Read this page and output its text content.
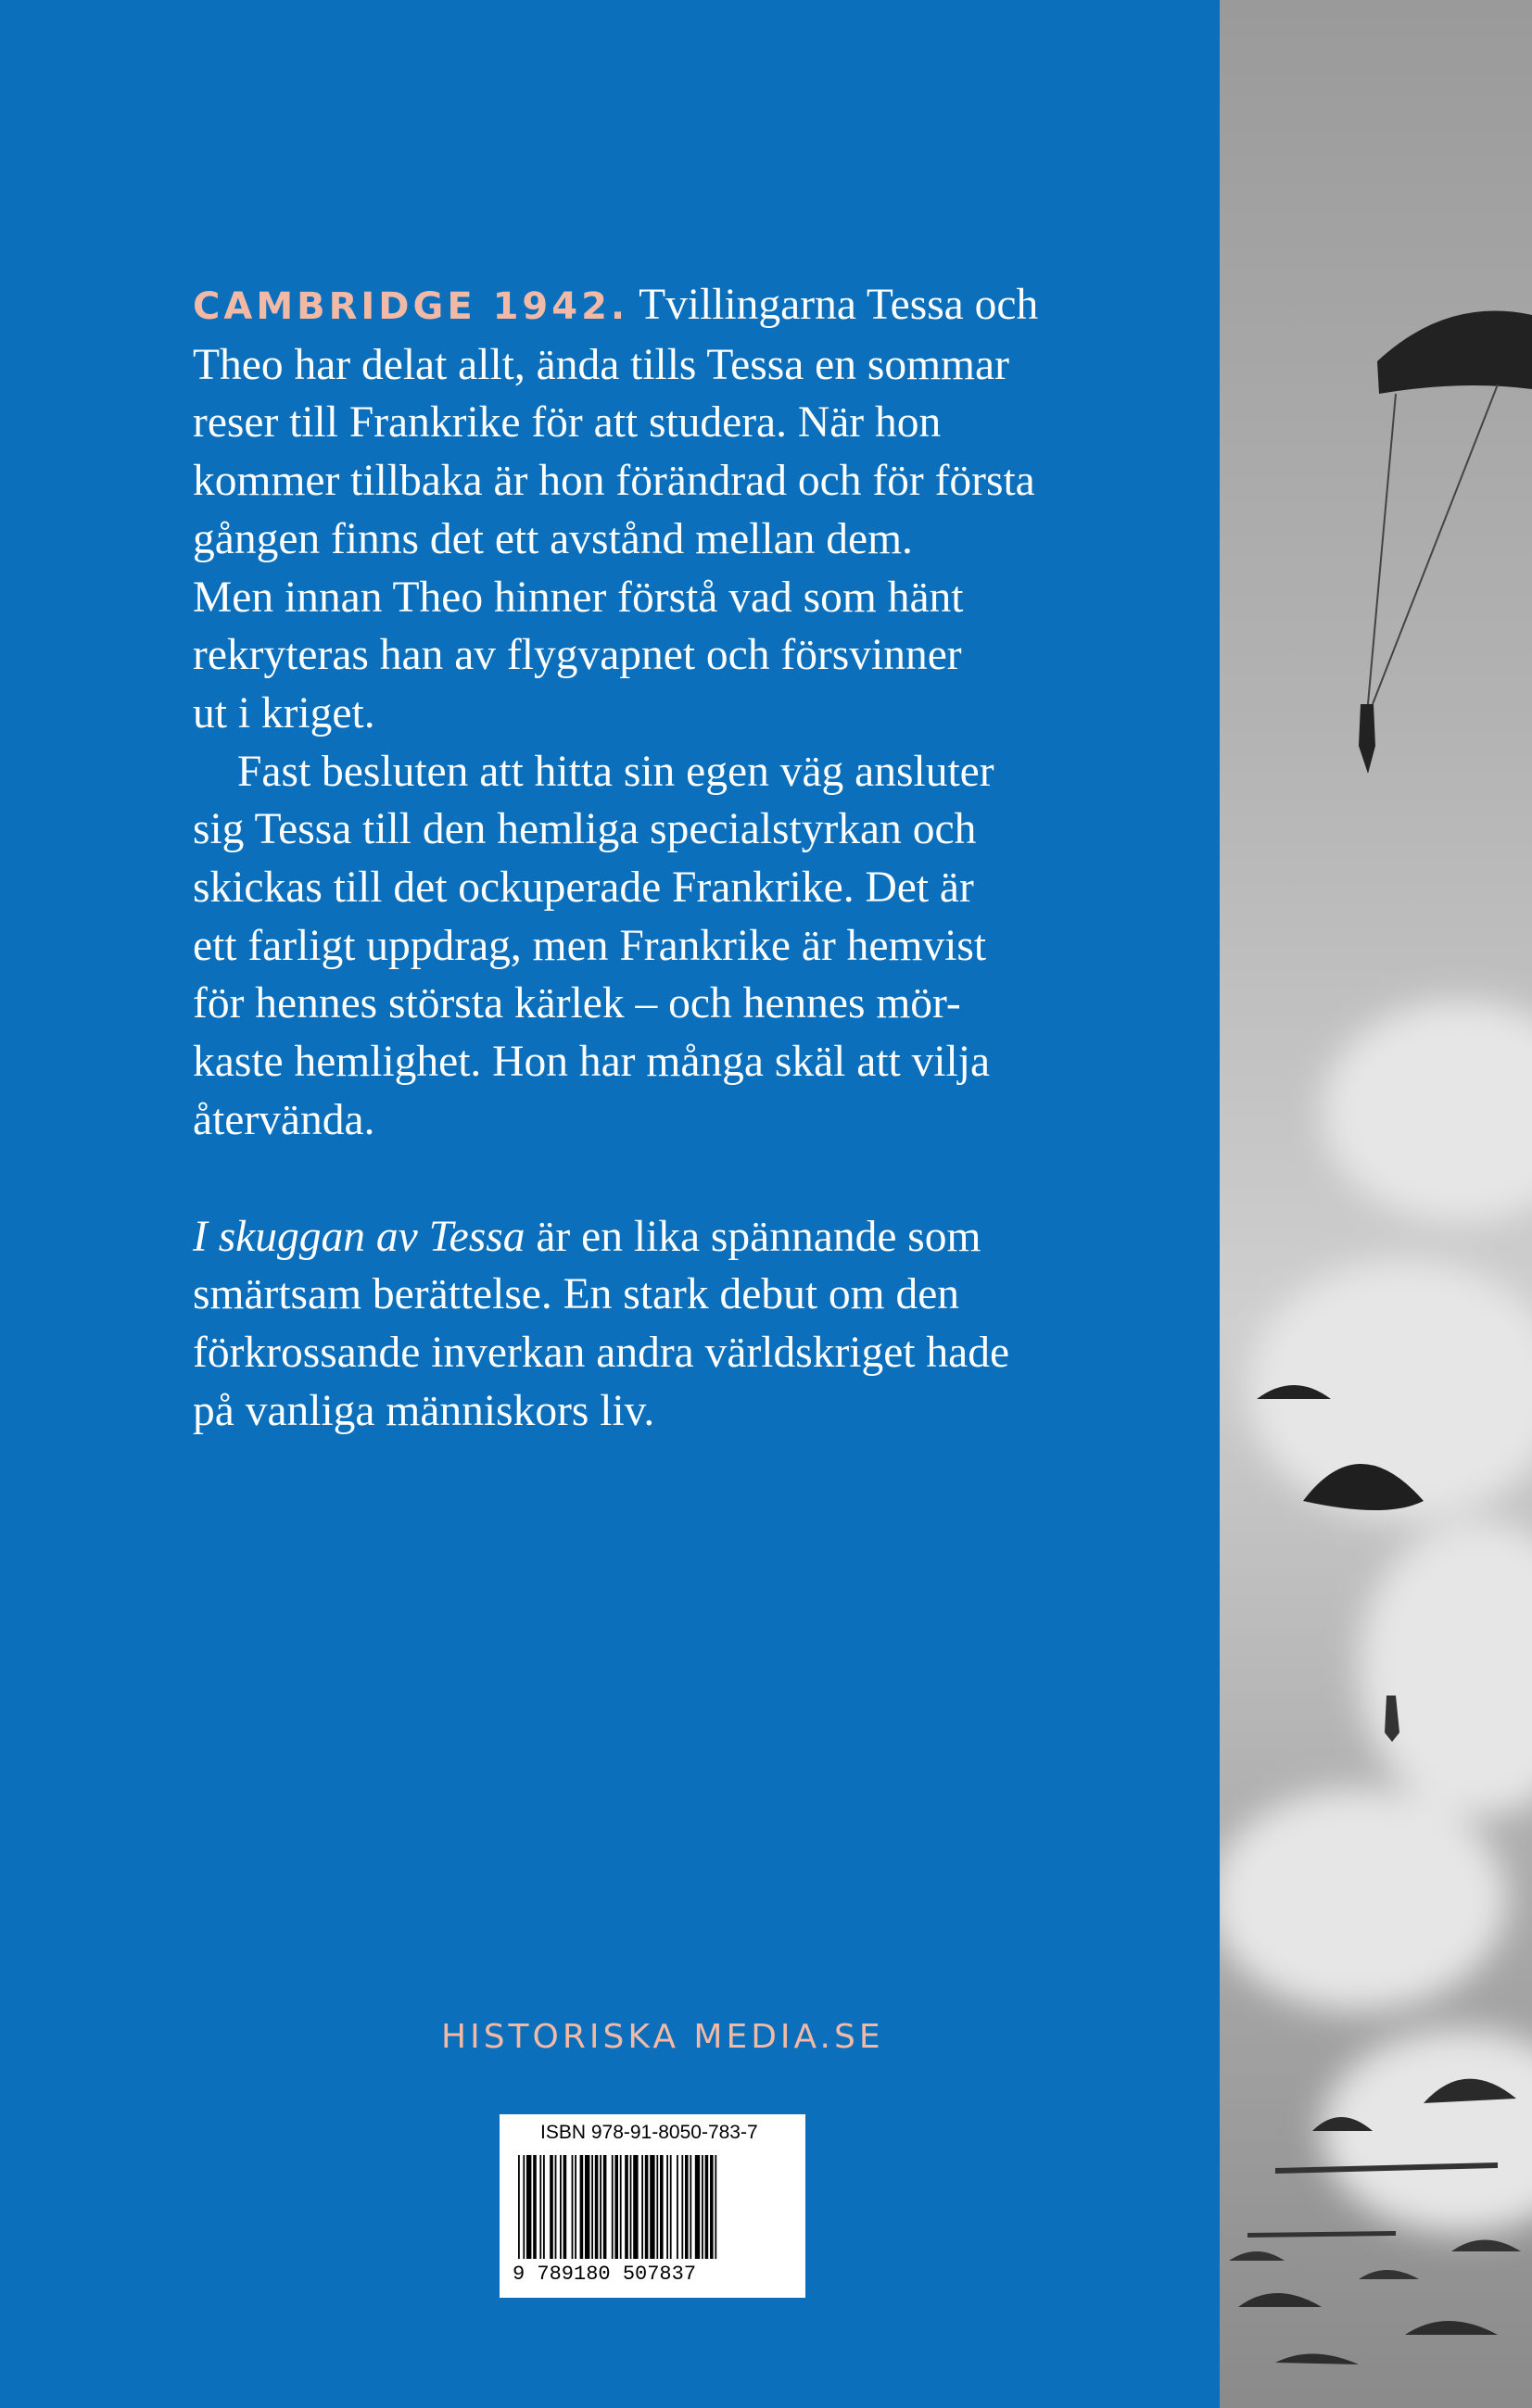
CAMBRIDGE 1942. Tvillingarna Tessa och
Theo har delat allt, ända tills Tessa en sommar
reser till Frankrike för att studera. När hon
kommer tillbaka är hon förändrad och för första
gången finns det ett avstånd mellan dem.
Men innan Theo hinner förstå vad som hänt
rekryteras han av flygvapnet och försvinner
ut i kriget.

Fast besluten att hitta sin egen väg ansluter
sig Tessa till den hemliga specialstyrkan och
skickas till det ockuperade Frankrike. Det är
ett farligt uppdrag, men Frankrike är hemvist
för hennes största kärlek – och hennes mör-
kaste hemlighet. Hon har många skäl att vilja
återvända.

I skuggan av Tessa är en lika spännande som
smärtsam berättelse. En stark debut om den
förkrossande inverkan andra världskriget hade
på vanliga människors liv.

HISTORISKA MEDIA.SE
ISBN 978-91-8050-783-7
9 789180 507837
